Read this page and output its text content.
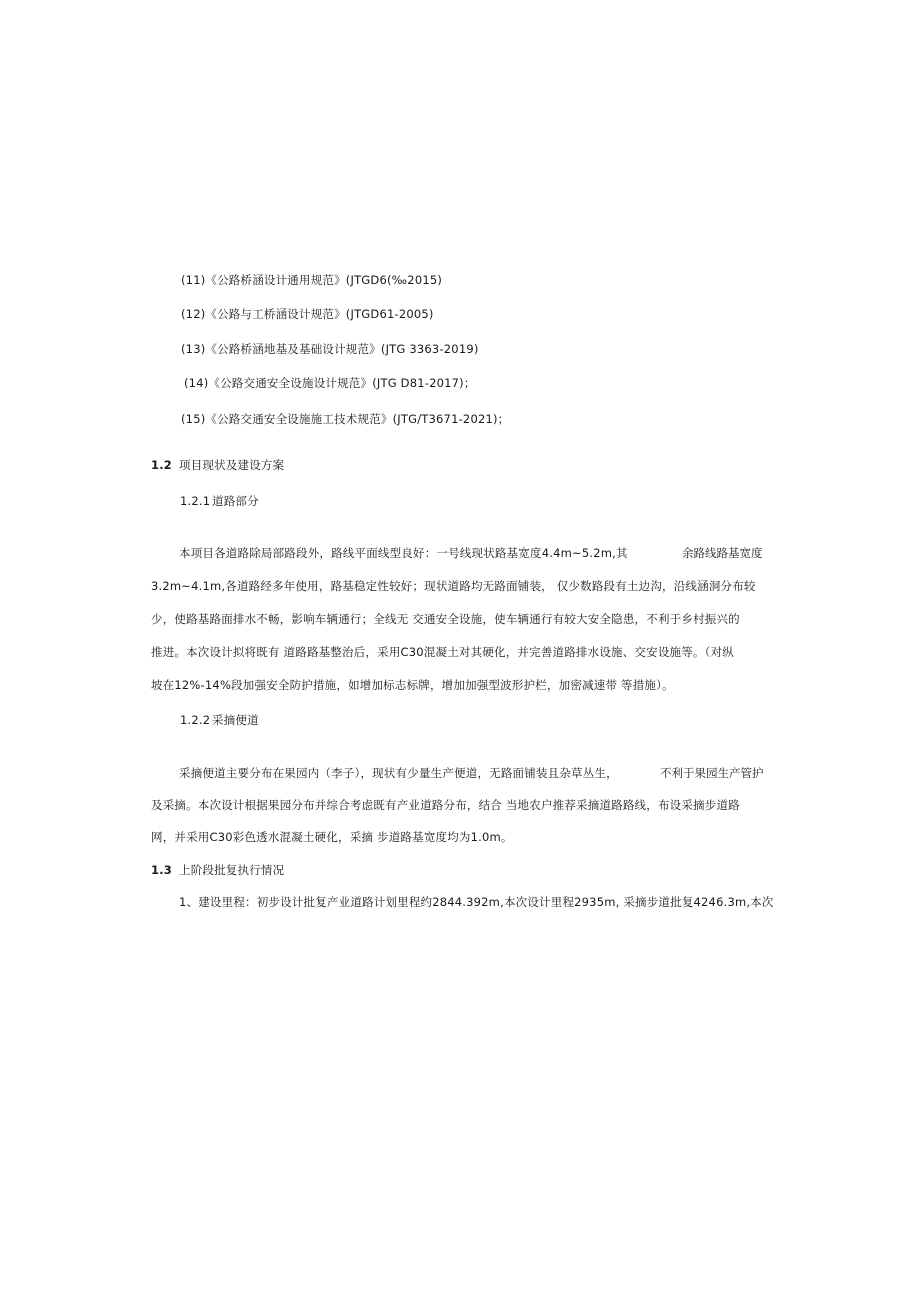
(11)《公路桥涵设计通用规范》(JTGD6(‰2015)
(12)《公路与工桥涵设计规范》(JTGD61-2005)
(13)《公路桥涵地基及基础设计规范》(JTG 3363-2019)
(14)《公路交通安全设施设计规范》(JTG D81-2017)；
(15)《公路交通安全设施施工技术规范》(JTG/T3671-2021)；
1.2 项目现状及建设方案
1.2.1 道路部分
本项目各道路除局部路段外，路线平面线型良好：一号线现状路基宽度4.4m~5.2m,其	余路线路基宽度
3.2m~4.1m,各道路经多年使用，路基稳定性较好；现状道路均无路面铺装， 仅少数路段有土边沟，沿线涵洞分布较
少，使路基路面排水不畅，影响车辆通行；全线无 交通安全设施，使车辆通行有较大安全隐患，不利于乡村振兴的
推进。本次设计拟将既有 道路路基整治后，采用C30混凝土对其硬化，并完善道路排水设施、交安设施等。（对纵
坡在12%-14%段加强安全防护措施，如增加标志标牌，增加加强型波形护栏，加密减速带 等措施）。
1.2.2 采摘便道
采摘便道主要分布在果园内（李子），现状有少量生产便道，无路面铺装且杂草丛生，	不利于果园生产管护
及采摘。本次设计根据果园分布并综合考虑既有产业道路分布，结合 当地农户推荐采摘道路路线，布设采摘步道路
网，并采用C30彩色透水混凝土硬化，采摘 步道路基宽度均为1.0m。
1.3 上阶段批复执行情况
1、建设里程：初步设计批复产业道路计划里程约2844.392m,本次设计里程2935m, 采摘步道批复4246.3m,本次
